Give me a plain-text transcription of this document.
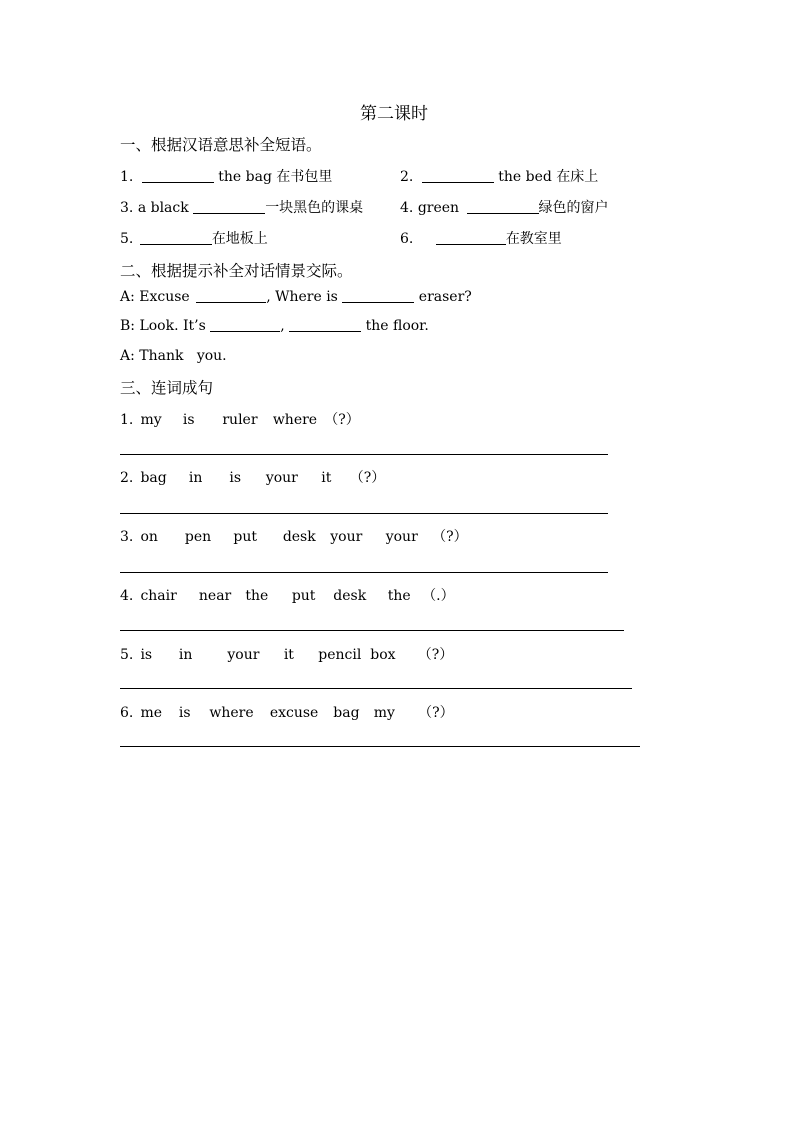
第二课时
一、根据汉语意思补全短语。
1.	the bag 在书包里	2.	the bed 在床上
3. a black	一块黑色的课桌	4. green	绿色的窗户
5.	在地板上	6.	在教室里
二、根据提示补全对话情景交际。
A: Excuse	, Where is	eraser?
B: Look. It’s	,	the floor.
A: Thank   you.
三、连词成句
1. my is ruler where （?）
2. bag in is your it （?）
3. on pen put desk your your （?）
4. chair near the put desk the （.）
5. is in your it pencil  box （?）
6. me is where excuse bag my （?）
